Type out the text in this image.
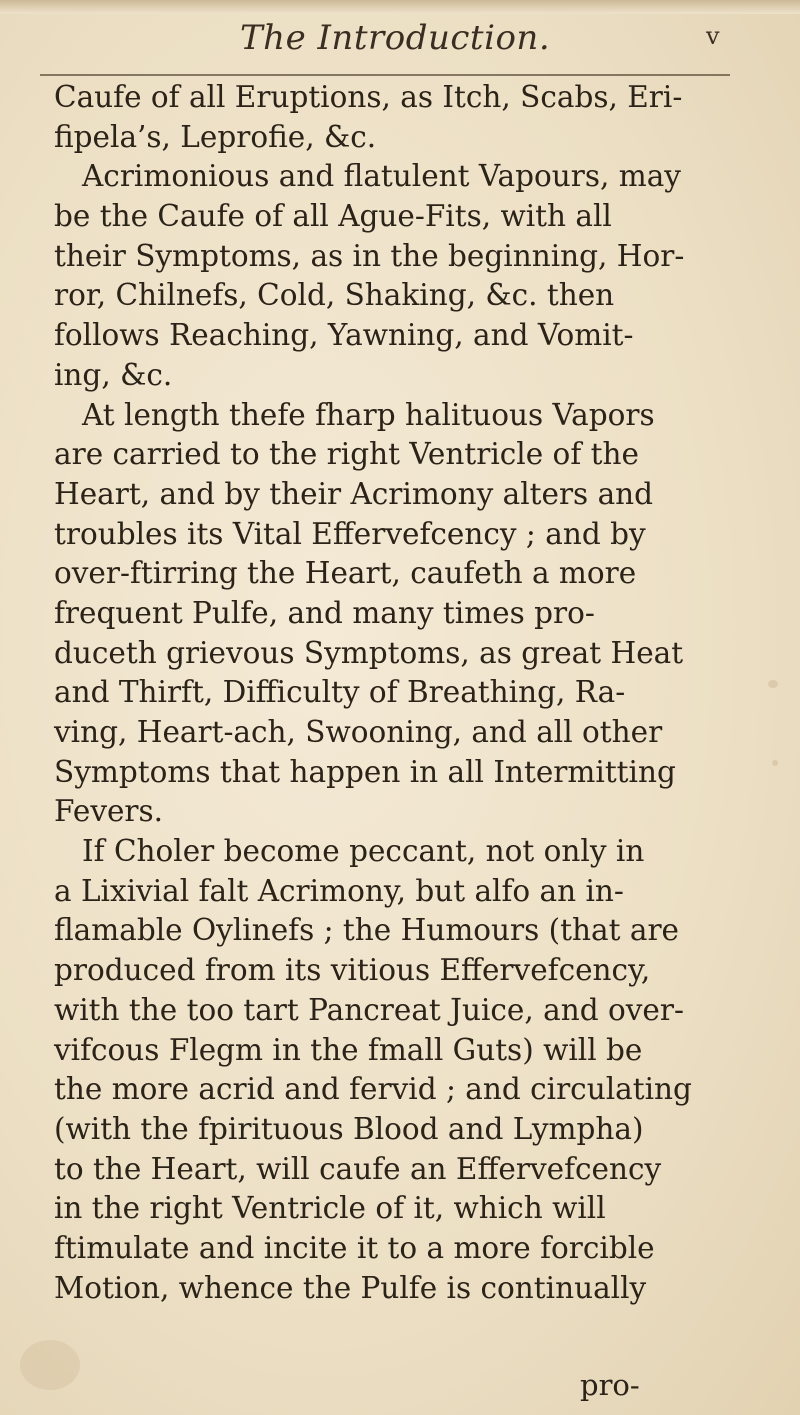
The Introduction.	v
Caufe of all Eruptions, as Itch, Scabs, Eri-
fipela’s, Leprofie, &c.
Acrimonious and flatulent Vapours, may
be the Caufe of all Ague-Fits, with all
their Symptoms, as in the beginning, Hor-
ror, Chilnefs, Cold, Shaking, &c. then
follows Reaching, Yawning, and Vomit-
ing, &c.
At length thefe fharp halituous Vapors
are carried to the right Ventricle of the
Heart, and by their Acrimony alters and
troubles its Vital Effervefcency ; and by
over-ftirring the Heart, caufeth a more
frequent Pulfe, and many times pro-
duceth grievous Symptoms, as great Heat
and Thirft, Difficulty of Breathing, Ra-
ving, Heart-ach, Swooning, and all other
Symptoms that happen in all Intermitting
Fevers.
If Choler become peccant, not only in
a Lixivial falt Acrimony, but alfo an in-
flamable Oylinefs ; the Humours (that are
produced from its vitious Effervefcency,
with the too tart Pancreat Juice, and over-
vifcous Flegm in the fmall Guts) will be
the more acrid and fervid ; and circulating
(with the fpirituous Blood and Lympha)
to the Heart, will caufe an Effervefcency
in the right Ventricle of it, which will
ftimulate and incite it to a more forcible
Motion, whence the Pulfe is continually
pro-
